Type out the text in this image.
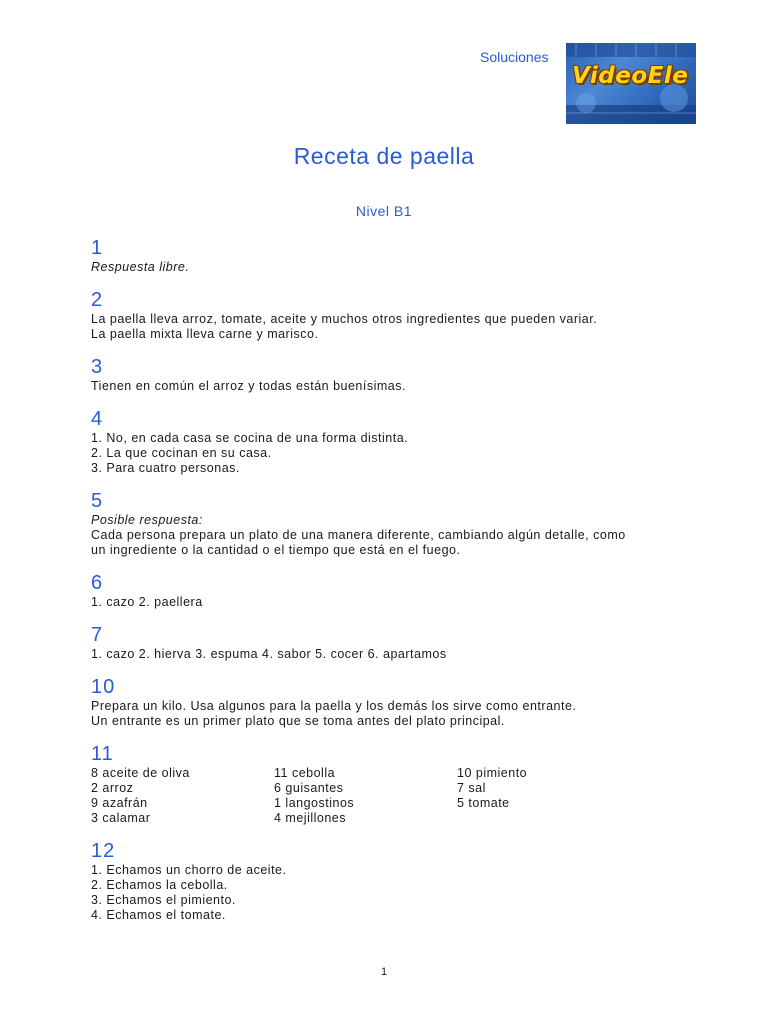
Soluciones
VideoEle
Receta de paella
Nivel B1
1
Respuesta libre.
2
La paella lleva arroz, tomate, aceite y muchos otros ingredientes que pueden variar.
La paella mixta lleva carne y marisco.
3
Tienen en común el arroz y todas están buenísimas.
4
1. No, en cada casa se cocina de una forma distinta.
2. La que cocinan en su casa.
3. Para cuatro personas.
5
Posible respuesta:
Cada persona prepara un plato de una manera diferente, cambiando algún detalle, como
un ingrediente o la cantidad o el tiempo que está en el fuego.
6
1. cazo 2. paellera
7
1. cazo 2. hierva 3. espuma 4. sabor 5. cocer 6. apartamos
10
Prepara un kilo. Usa algunos para la paella y los demás los sirve como entrante.
Un entrante es un primer plato que se toma antes del plato principal.
11
8 aceite de oliva
2 arroz
9 azafrán
3 calamar
11 cebolla
6 guisantes
1 langostinos
4 mejillones
10 pimiento
7 sal
5 tomate
12
1. Echamos un chorro de aceite.
2. Echamos la cebolla.
3. Echamos el pimiento.
4. Echamos el tomate.
1
